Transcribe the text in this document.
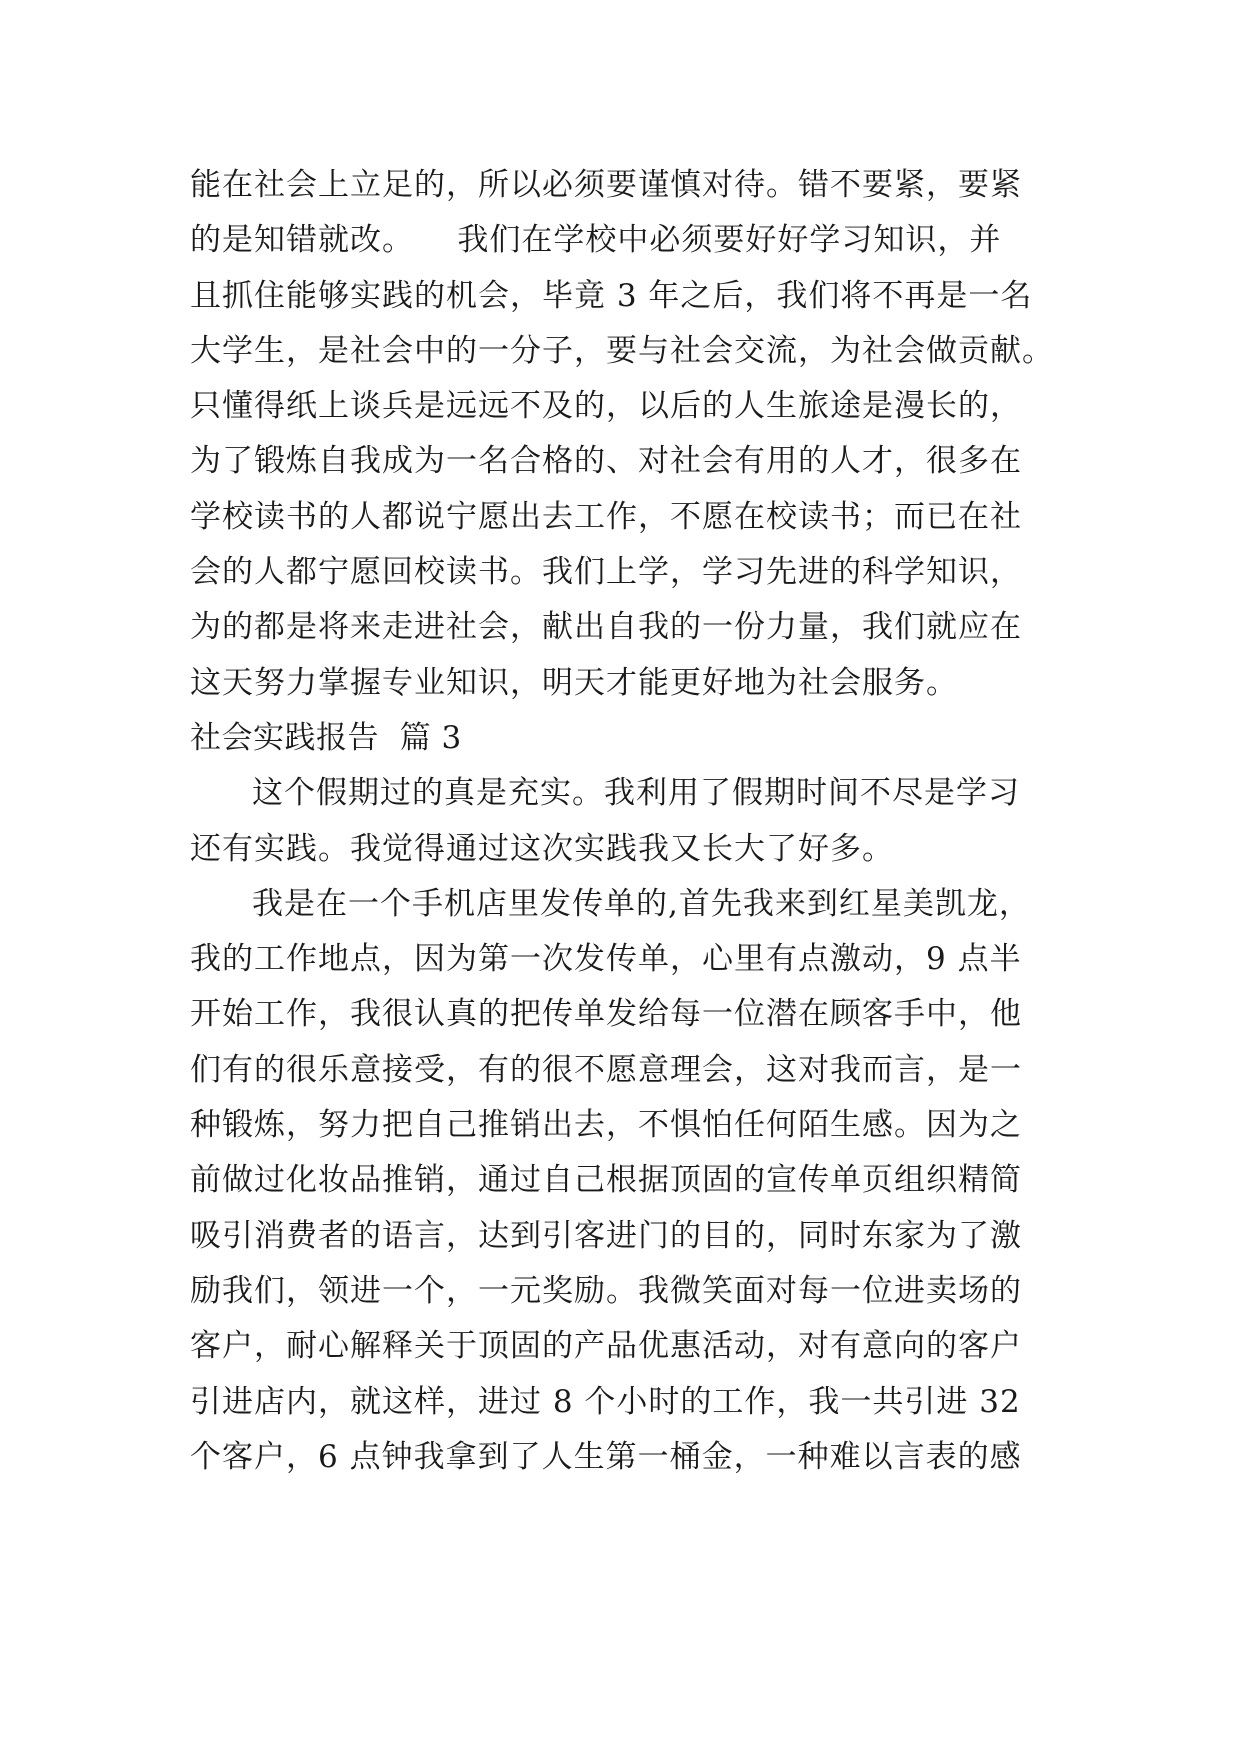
能在社会上立足的，所以必须要谨慎对待。错不要紧，要紧
的是知错就改。    我们在学校中必须要好好学习知识，并
且抓住能够实践的机会，毕竟 3 年之后，我们将不再是一名
大学生，是社会中的一分子，要与社会交流，为社会做贡献。
只懂得纸上谈兵是远远不及的，以后的人生旅途是漫长的，
为了锻炼自我成为一名合格的、对社会有用的人才，很多在
学校读书的人都说宁愿出去工作，不愿在校读书；而已在社
会的人都宁愿回校读书。我们上学，学习先进的科学知识，
为的都是将来走进社会，献出自我的一份力量，我们就应在
这天努力掌握专业知识，明天才能更好地为社会服务。
社会实践报告  篇 3
这个假期过的真是充实。我利用了假期时间不尽是学习
还有实践。我觉得通过这次实践我又长大了好多。
我是在一个手机店里发传单的,首先我来到红星美凯龙，
我的工作地点，因为第一次发传单，心里有点激动，9 点半
开始工作，我很认真的把传单发给每一位潜在顾客手中，他
们有的很乐意接受，有的很不愿意理会，这对我而言，是一
种锻炼，努力把自己推销出去，不惧怕任何陌生感。因为之
前做过化妆品推销，通过自己根据顶固的宣传单页组织精简
吸引消费者的语言，达到引客进门的目的，同时东家为了激
励我们，领进一个，一元奖励。我微笑面对每一位进卖场的
客户，耐心解释关于顶固的产品优惠活动，对有意向的客户
引进店内，就这样，进过 8 个小时的工作，我一共引进 32
个客户，6 点钟我拿到了人生第一桶金，一种难以言表的感
